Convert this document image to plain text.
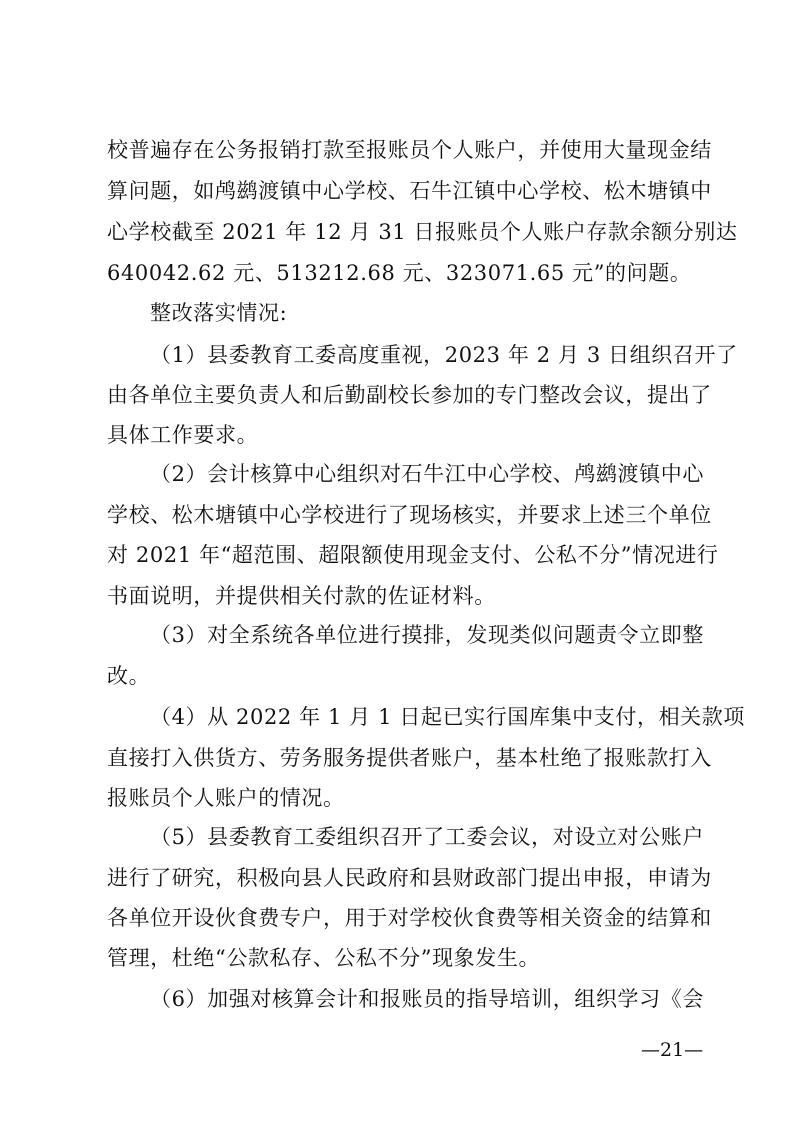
校普遍存在公务报销打款至报账员个人账户，并使用大量现金结
算问题，如鸬鹚渡镇中心学校、石牛江镇中心学校、松木塘镇中
心学校截至 2021 年 12 月 31 日报账员个人账户存款余额分别达
640042.62 元、513212.68 元、323071.65 元”的问题。
整改落实情况:
（1）县委教育工委高度重视，2023 年 2 月 3 日组织召开了
由各单位主要负责人和后勤副校长参加的专门整改会议，提出了
具体工作要求。
（2）会计核算中心组织对石牛江中心学校、鸬鹚渡镇中心
学校、松木塘镇中心学校进行了现场核实，并要求上述三个单位
对 2021 年“超范围、超限额使用现金支付、公私不分”情况进行
书面说明，并提供相关付款的佐证材料。
（3）对全系统各单位进行摸排，发现类似问题责令立即整
改。
（4）从 2022 年 1 月 1 日起已实行国库集中支付，相关款项
直接打入供货方、劳务服务提供者账户，基本杜绝了报账款打入
报账员个人账户的情况。
（5）县委教育工委组织召开了工委会议，对设立对公账户
进行了研究，积极向县人民政府和县财政部门提出申报，申请为
各单位开设伙食费专户，用于对学校伙食费等相关资金的结算和
管理，杜绝“公款私存、公私不分”现象发生。
（6）加强对核算会计和报账员的指导培训，组织学习《会
—21—
